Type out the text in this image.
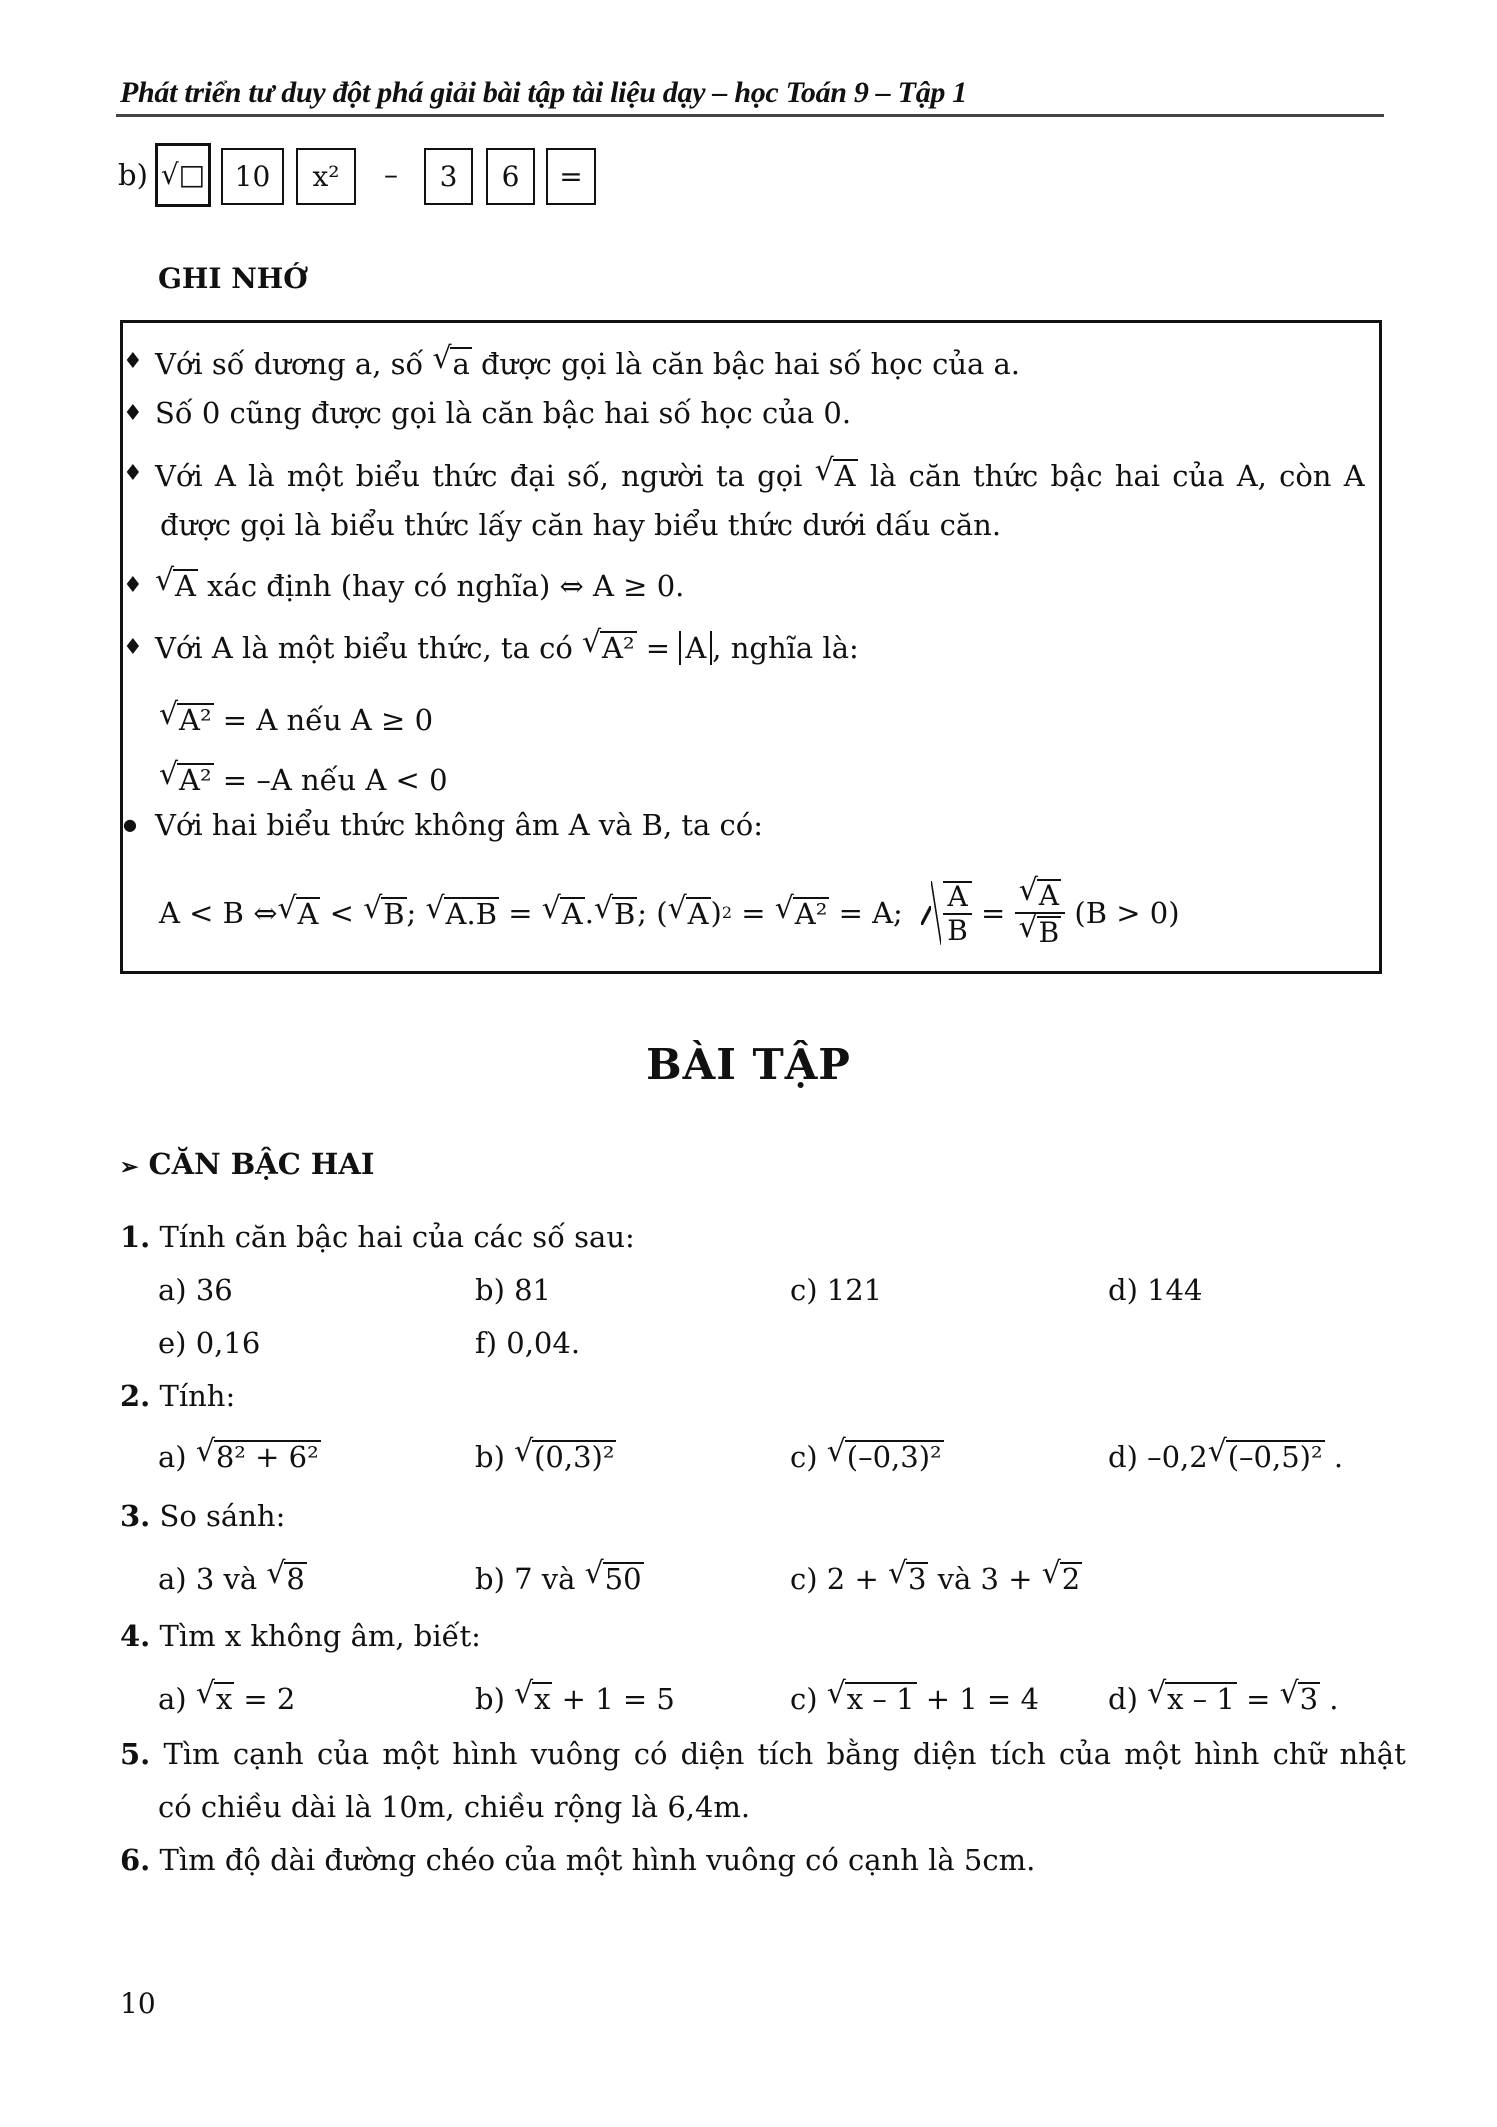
Phát triển tư duy đột phá giải bài tập tài liệu dạy – học Toán 9 – Tập 1
b) √□ 10 x² – 3 6 =
GHI NHỚ
♦ Với số dương a, số √ a được gọi là căn bậc hai số học của a.
♦ Số 0 cũng được gọi là căn bậc hai số học của 0.
♦ Với A là một biểu thức đại số, người ta gọi √ A là căn thức bậc hai của A, còn A
được gọi là biểu thức lấy căn hay biểu thức dưới dấu căn.
♦	√ A xác định (hay có nghĩa) ⇔ A ≥ 0.
♦ Với A là một biểu thức, ta có √ A² = A , nghĩa là:
√ A² = A nếu A ≥ 0
√ A² = –A nếu A < 0
● Với hai biểu thức không âm A và B, ta có:
A < B ⇔ √ A < √ B ;
	√ A.B = √ A . √ B ;
( √ A ) 2 = √ A² = A;
$\frac{A}{B}$ = √ A
√ B
(B > 0)
BÀI TẬP
➢ CĂN BẬC HAI
1. Tính căn bậc hai của các số sau:
a) 36	b) 81	c) 121	d) 144
e) 0,16	f) 0,04.
2. Tính:
a) √ 8² + 6²	b) √ (0,3)²	c) √ (–0,3)²	d) –0,2 √ (–0,5)² .
3. So sánh:
a) 3 và √ 8	b) 7 và √ 50	c) 2 + √ 3 và 3 + √ 2
4. Tìm x không âm, biết:
a) √ x = 2	b) √ x + 1 = 5	c) √ x – 1 + 1 = 4 d) √ x – 1 = √ 3 .
5. Tìm cạnh của một hình vuông có diện tích bằng diện tích của một hình chữ nhật
có chiều dài là 10m, chiều rộng là 6,4m.
6. Tìm độ dài đường chéo của một hình vuông có cạnh là 5cm.
10
